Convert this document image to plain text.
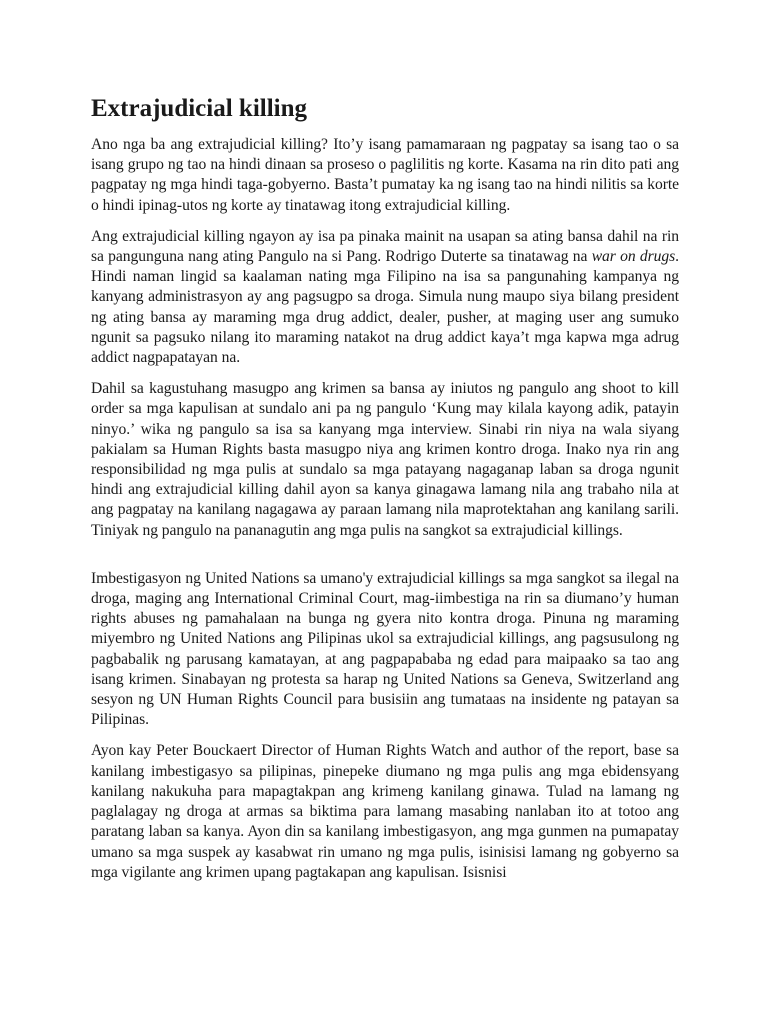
Extrajudicial killing

Ano nga ba ang extrajudicial killing? Ito’y isang pamamaraan ng pagpatay sa isang tao o sa isang grupo ng tao na hindi dinaan sa proseso o paglilitis ng korte. Kasama na rin dito pati ang pagpatay ng mga hindi taga-gobyerno. Basta’t pumatay ka ng isang tao na hindi nilitis sa korte o hindi ipinag-utos ng korte ay tinatawag itong extrajudicial killing.

Ang extrajudicial killing ngayon ay isa pa pinaka mainit na usapan sa ating bansa dahil na rin sa pangunguna nang ating Pangulo na si Pang. Rodrigo Duterte sa tinatawag na war on drugs. Hindi naman lingid sa kaalaman nating mga Filipino na isa sa pangunahing kampanya ng kanyang administrasyon ay ang pagsugpo sa droga. Simula nung maupo siya bilang president ng ating bansa ay maraming mga drug addict, dealer, pusher, at maging user ang sumuko ngunit sa pagsuko nilang ito maraming natakot na drug addict kaya’t mga kapwa mga adrug addict nagpapatayan na.

Dahil sa kagustuhang masugpo ang krimen sa bansa ay iniutos ng pangulo ang shoot to kill order sa mga kapulisan at sundalo ani pa ng pangulo ‘Kung may kilala kayong adik, patayin ninyo.’ wika ng pangulo sa isa sa kanyang mga interview. Sinabi rin niya na wala siyang pakialam sa Human Rights basta masugpo niya ang krimen kontro droga. Inako nya rin ang responsibilidad ng mga pulis at sundalo sa mga patayang nagaganap laban sa droga ngunit hindi ang extrajudicial killing dahil ayon sa kanya ginagawa lamang nila ang trabaho nila at ang pagpatay na kanilang nagagawa ay paraan lamang nila maprotektahan ang kanilang sarili. Tiniyak ng pangulo na pananagutin ang mga pulis na sangkot sa extrajudicial killings.

Imbestigasyon ng United Nations sa umano'y extrajudicial killings sa mga sangkot sa ilegal na droga, maging ang International Criminal Court, mag-iimbestiga na rin sa diumano’y human rights abuses ng pamahalaan na bunga ng gyera nito kontra droga. Pinuna ng maraming miyembro ng United Nations ang Pilipinas ukol sa extrajudicial killings, ang pagsusulong ng pagbabalik ng parusang kamatayan, at ang pagpapababa ng edad para maipaako sa tao ang isang krimen. Sinabayan ng protesta sa harap ng United Nations sa Geneva, Switzerland ang sesyon ng UN Human Rights Council para busisiin ang tumataas na insidente ng patayan sa Pilipinas.

Ayon kay Peter Bouckaert Director of Human Rights Watch and author of the report, base sa kanilang imbestigasyo sa pilipinas, pinepeke diumano ng mga pulis ang mga ebidensyang kanilang nakukuha para mapagtakpan ang krimeng kanilang ginawa. Tulad na lamang ng paglalagay ng droga at armas sa biktima para lamang masabing nanlaban ito at totoo ang paratang laban sa kanya. Ayon din sa kanilang imbestigasyon, ang mga gunmen na pumapatay umano sa mga suspek ay kasabwat rin umano ng mga pulis, isinisisi lamang ng gobyerno sa mga vigilante ang krimen upang pagtakapan ang kapulisan. Isisnisi
